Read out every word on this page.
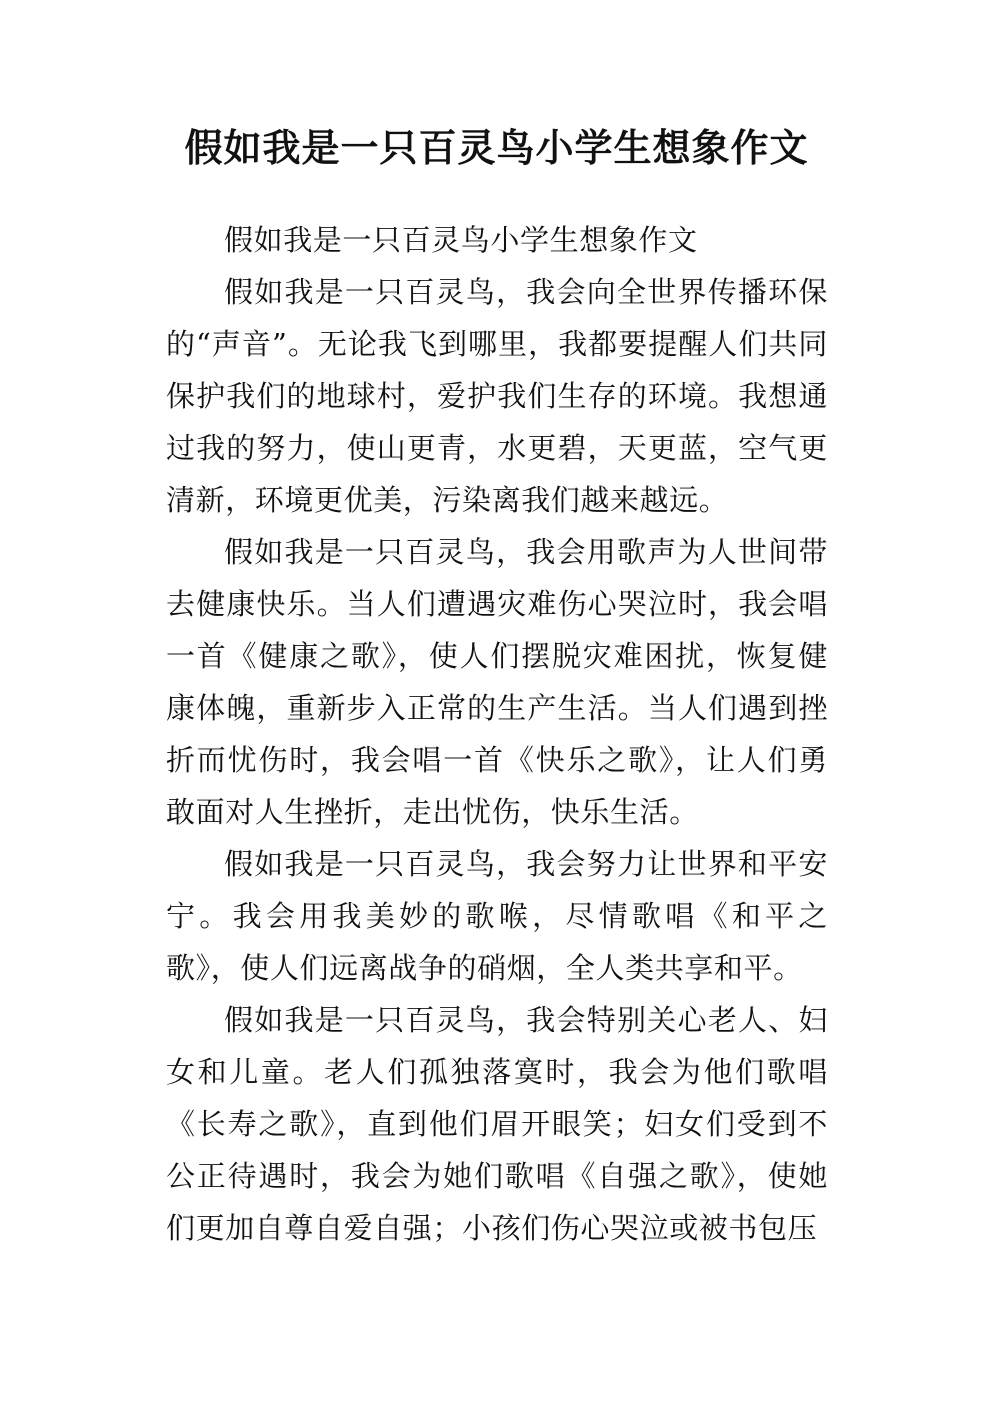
假如我是一只百灵鸟小学生想象作文

假如我是一只百灵鸟小学生想象作文

假如我是一只百灵鸟，我会向全世界传播环保的“声音”。无论我飞到哪里，我都要提醒人们共同保护我们的地球村，爱护我们生存的环境。我想通过我的努力，使山更青，水更碧，天更蓝，空气更清新，环境更优美，污染离我们越来越远。

假如我是一只百灵鸟，我会用歌声为人世间带去健康快乐。当人们遭遇灾难伤心哭泣时，我会唱一首《健康之歌》，使人们摆脱灾难困扰，恢复健康体魄，重新步入正常的生产生活。当人们遇到挫折而忧伤时，我会唱一首《快乐之歌》，让人们勇敢面对人生挫折，走出忧伤，快乐生活。

假如我是一只百灵鸟，我会努力让世界和平安宁。我会用我美妙的歌喉，尽情歌唱《和平之歌》，使人们远离战争的硝烟，全人类共享和平。

假如我是一只百灵鸟，我会特别关心老人、妇女和儿童。老人们孤独落寞时，我会为他们歌唱《长寿之歌》，直到他们眉开眼笑；妇女们受到不公正待遇时，我会为她们歌唱《自强之歌》，使她们更加自尊自爱自强；小孩们伤心哭泣或被书包压
